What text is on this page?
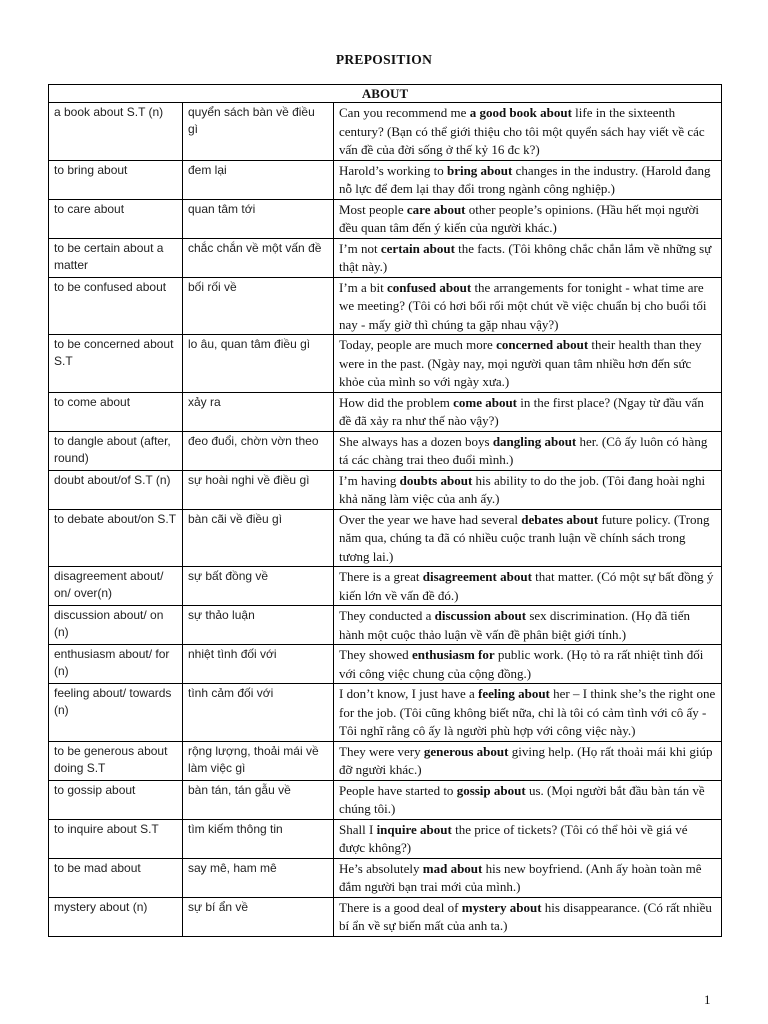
PREPOSITION
ABOUT		
a book about S.T (n)	quyển sách bàn về điều gì	Can you recommend me a good book about life in the sixteenth century? (Bạn có thể giới thiệu cho tôi một quyển sách hay viết về các vấn đề của đời sống ở thế kỷ 16 đc k?)
to bring about	đem lại	Harold’s working to bring about changes in the industry. (Harold đang nỗ lực để đem lại thay đổi trong ngành công nghiệp.)
to care about	quan tâm tới	Most people care about other people’s opinions. (Hầu hết mọi người đều quan tâm đến ý kiến của người khác.)
to be certain about a matter	chắc chắn về một vấn đề	I’m not certain about the facts. (Tôi không chắc chắn lắm về những sự thật này.)
to be confused about	bối rối về	I’m a bit confused about the arrangements for tonight - what time are we meeting? (Tôi có hơi bối rối một chút về việc chuẩn bị cho buổi tối nay - mấy giờ thì chúng ta gặp nhau vậy?)
to be concerned about S.T	lo âu, quan tâm điều gì	Today, people are much more concerned about their health than they were in the past. (Ngày nay, mọi người quan tâm nhiều hơn đến sức khỏe của mình so với ngày xưa.)
to come about	xảy ra	How did the problem come about in the first place? (Ngay từ đầu vấn đề đã xảy ra như thế nào vậy?)
to dangle about (after, round)	đeo đuổi, chờn vờn theo	She always has a dozen boys dangling about her. (Cô ấy luôn có hàng tá các chàng trai theo đuổi mình.)
doubt about/of S.T (n)	sự hoài nghi về điều gì	I’m having doubts about his ability to do the job. (Tôi đang hoài nghi khả năng làm việc của anh ấy.)
to debate about/on S.T	bàn cãi về điều gì	Over the year we have had several debates about future policy. (Trong năm qua, chúng ta đã có nhiều cuộc tranh luận về chính sách trong tương lai.)
disagreement about/ on/ over(n)	sự bất đồng về	There is a great disagreement about that matter. (Có một sự bất đồng ý kiến lớn về vấn đề đó.)
discussion about/ on (n)	sự thảo luận	They conducted a discussion about sex discrimination. (Họ đã tiến hành một cuộc thảo luận về vấn đề phân biệt giới tính.)
enthusiasm about/ for (n)	nhiệt tình đối với	They showed enthusiasm for public work. (Họ tỏ ra rất nhiệt tình đối với công việc chung của cộng đồng.)
feeling about/ towards (n)	tình cảm đối với	I don’t know, I just have a feeling about her – I think she’s the right one for the job. (Tôi cũng không biết nữa, chỉ là tôi có cảm tình với cô ấy - Tôi nghĩ rằng cô ấy là người phù hợp với công việc này.)
to be generous about doing S.T	rộng lượng, thoải mái về làm việc gì	They were very generous about giving help. (Họ rất thoải mái khi giúp đỡ người khác.)
to gossip about	bàn tán, tán gẫu về	People have started to gossip about us. (Mọi người bắt đầu bàn tán về chúng tôi.)
to inquire about S.T	tìm kiếm thông tin	Shall I inquire about the price of tickets? (Tôi có thể hỏi về giá vé được không?)
to be mad about	say mê, ham mê	He’s absolutely mad about his new boyfriend. (Anh ấy hoàn toàn mê đắm người bạn trai mới của mình.)
mystery about (n)	sự bí ẩn về	There is a good deal of mystery about his disappearance. (Có rất nhiều bí ẩn về sự biến mất của anh ta.)
1
